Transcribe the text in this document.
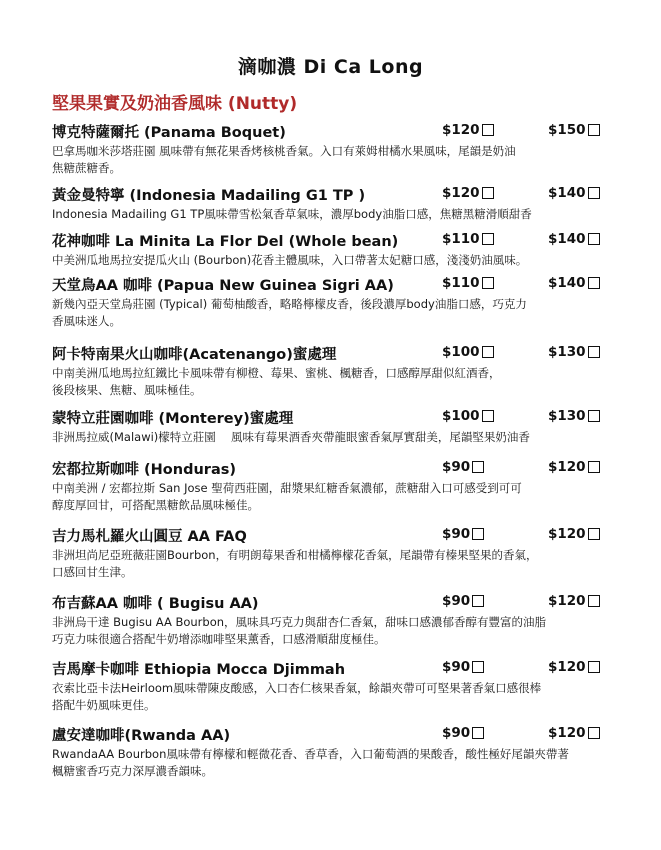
滴咖濃 Di Ca Long
堅果果實及奶油香風味 (Nutty)
博克特薩爾托 (Panama Boquet)	$120	$150
巴拿馬咖米莎塔莊園 風味帶有無花果香烤核桃香氣。入口有萊姆柑橘水果風味，尾韻是奶油
焦糖蔗糖香。
黃金曼特寧 (Indonesia Madailing G1 TP )	$120	$140
Indonesia Madailing G1 TP風味帶雪松氣香草氣味，濃厚body油脂口感，焦糖黑糖滑順甜香
花神咖啡 La Minita La Flor Del (Whole bean)	$110	$140
中美洲瓜地馬拉安提瓜火山 (Bourbon)花香主體風味，入口帶著太妃糖口感，淺淺奶油風味。
天堂鳥AA 咖啡 (Papua New Guinea Sigri AA)	$110	$140
新幾內亞天堂鳥莊園 (Typical) 葡萄柚酸香，略略檸檬皮香，後段濃厚body油脂口感，巧克力
香風味迷人。
阿卡特南果火山咖啡(Acatenango)蜜處理	$100	$130
中南美洲瓜地馬拉紅鐵比卡風味帶有柳橙、莓果、蜜桃、楓糖香，口感醇厚甜似紅酒香，
後段核果、焦糖、風味極佳。
蒙特立莊園咖啡 (Monterey)蜜處理	$100	$130
非洲馬拉威(Malawi)檬特立莊園　 風味有莓果酒香夾帶龍眼蜜香氣厚實甜美，尾韻堅果奶油香
宏都拉斯咖啡 (Honduras)	$90	$120
中南美洲 / 宏都拉斯 San Jose 聖荷西莊園，甜漿果紅糖香氣濃郁，蔗糖甜入口可感受到可可
醇度厚回甘，可搭配黑糖飲品風味極佳。
吉力馬札羅火山圓豆 AA FAQ	$90	$120
非洲坦尚尼亞班薇莊園Bourbon，有明朗莓果香和柑橘檸檬花香氣，尾韻帶有榛果堅果的香氣，
口感回甘生津。
布吉蘇AA 咖啡 ( Bugisu AA)	$90	$120
非洲烏干達 Bugisu AA Bourbon，風味具巧克力與甜杏仁香氣，甜味口感濃郁香醇有豐富的油脂
巧克力味很適合搭配牛奶增添咖啡堅果薰香，口感滑順甜度極佳。
吉馬摩卡咖啡 Ethiopia Mocca Djimmah	$90	$120
衣索比亞卡法Heirloom風味帶陳皮酸感，入口杏仁核果香氣，餘韻夾帶可可堅果著香氣口感很棒
搭配牛奶風味更佳。
盧安達咖啡(Rwanda AA)	$90	$120
RwandaAA Bourbon風味帶有檸檬和輕微花香、香草香，入口葡萄酒的果酸香，酸性極好尾韻夾帶著
楓糖蜜香巧克力深厚濃香韻味。
